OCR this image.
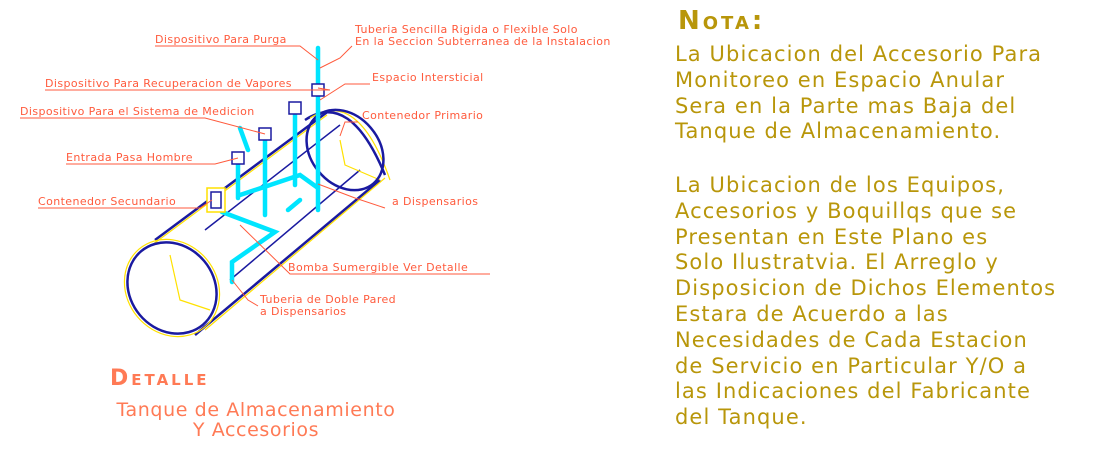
Dispositivo Para Purga
Tuberia Sencilla Rigida o Flexible Solo
En la Seccion Subterranea de la Instalacion
Dispositivo Para Recuperacion de Vapores	Espacio Intersticial
Dispositivo Para el Sistema de Medicion	Contenedor Primario
Entrada Pasa Hombre
Contenedor Secundario	a Dispensarios
Bomba Sumergible Ver Detalle
Tuberia de Doble Pared
a Dispensarios
Detalle
Tanque de Almacenamiento
Y Accesorios
Nota:

La Ubicacion del Accesorio Para
Monitoreo en Espacio Anular
Sera en la Parte mas Baja del
Tanque de Almacenamiento.

La Ubicacion de los Equipos,
Accesorios y Boquillqs que se
Presentan en Este Plano es
Solo Ilustratvia. El Arreglo y
Disposicion de Dichos Elementos
Estara de Acuerdo a las
Necesidades de Cada Estacion
de Servicio en Particular Y/O a
las Indicaciones del Fabricante
del Tanque.
